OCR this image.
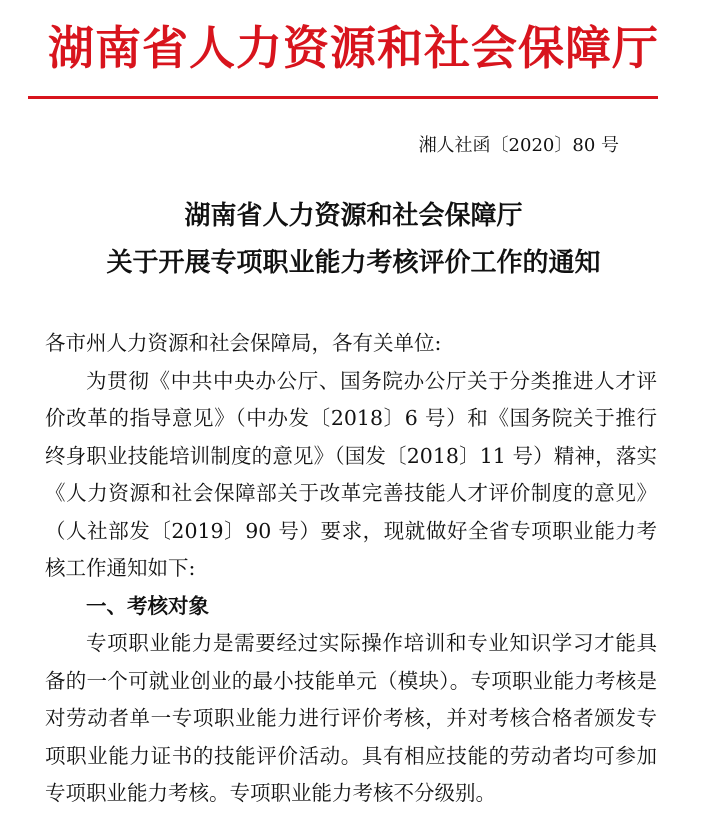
湖南省人力资源和社会保障厅
湘人社函〔2020〕80 号
湖南省人力资源和社会保障厅
关于开展专项职业能力考核评价工作的通知

各市州人力资源和社会保障局，各有关单位:

为贯彻《中共中央办公厅、国务院办公厅关于分类推进人才评价改革的指导意见》（中办发〔2018〕6 号）和《国务院关于推行终身职业技能培训制度的意见》（国发〔2018〕11 号）精神，落实《人力资源和社会保障部关于改革完善技能人才评价制度的意见》（人社部发〔2019〕90 号）要求，现就做好全省专项职业能力考核工作通知如下:

一、考核对象

专项职业能力是需要经过实际操作培训和专业知识学习才能具备的一个可就业创业的最小技能单元（模块）。专项职业能力考核是对劳动者单一专项职业能力进行评价考核，并对考核合格者颁发专项职业能力证书的技能评价活动。具有相应技能的劳动者均可参加专项职业能力考核。专项职业能力考核不分级别。
